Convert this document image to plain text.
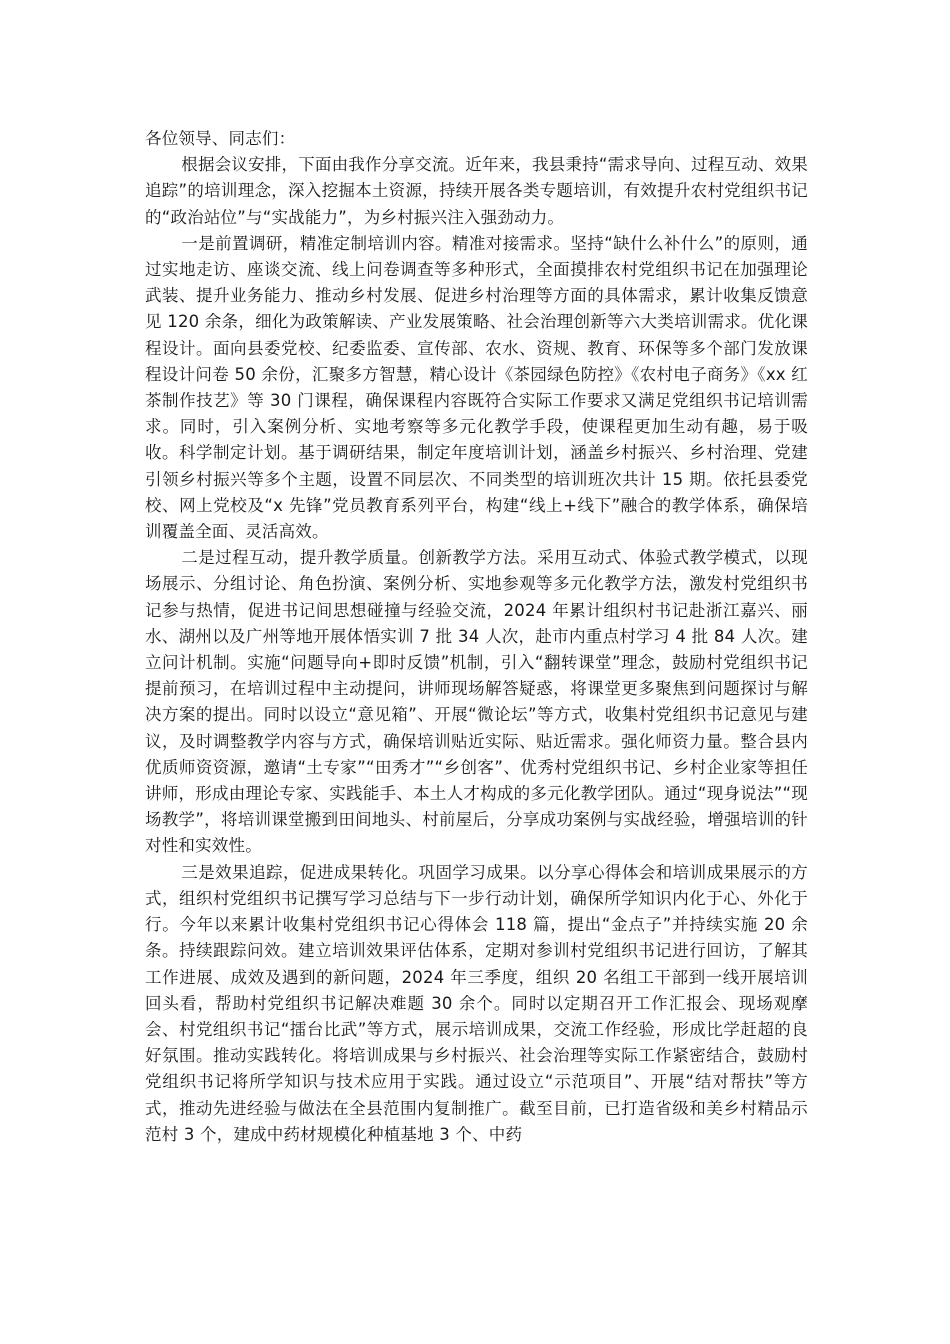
各位领导、同志们：

根据会议安排，下面由我作分享交流。近年来，我县秉持“需求导向、过程互动、效果追踪”的培训理念，深入挖掘本土资源，持续开展各类专题培训，有效提升农村党组织书记的“政治站位”与“实战能力”，为乡村振兴注入强劲动力。

一是前置调研，精准定制培训内容。精准对接需求。坚持“缺什么补什么”的原则，通过实地走访、座谈交流、线上问卷调查等多种形式，全面摸排农村党组织书记在加强理论武装、提升业务能力、推动乡村发展、促进乡村治理等方面的具体需求，累计收集反馈意见 120 余条，细化为政策解读、产业发展策略、社会治理创新等六大类培训需求。优化课程设计。面向县委党校、纪委监委、宣传部、农水、资规、教育、环保等多个部门发放课程设计问卷 50 余份，汇聚多方智慧，精心设计《茶园绿色防控》《农村电子商务》《xx 红茶制作技艺》等 30 门课程，确保课程内容既符合实际工作要求又满足党组织书记培训需求。同时，引入案例分析、实地考察等多元化教学手段，使课程更加生动有趣，易于吸收。科学制定计划。基于调研结果，制定年度培训计划，涵盖乡村振兴、乡村治理、党建引领乡村振兴等多个主题，设置不同层次、不同类型的培训班次共计 15 期。依托县委党校、网上党校及“x 先锋”党员教育系列平台，构建“线上+线下”融合的教学体系，确保培训覆盖全面、灵活高效。

二是过程互动，提升教学质量。创新教学方法。采用互动式、体验式教学模式，以现场展示、分组讨论、角色扮演、案例分析、实地参观等多元化教学方法，激发村党组织书记参与热情，促进书记间思想碰撞与经验交流，2024 年累计组织村书记赴浙江嘉兴、丽水、湖州以及广州等地开展体悟实训 7 批 34 人次，赴市内重点村学习 4 批 84 人次。建立问计机制。实施“问题导向+即时反馈”机制，引入“翻转课堂”理念，鼓励村党组织书记提前预习，在培训过程中主动提问，讲师现场解答疑惑，将课堂更多聚焦到问题探讨与解决方案的提出。同时以设立“意见箱”、开展“微论坛”等方式，收集村党组织书记意见与建议，及时调整教学内容与方式，确保培训贴近实际、贴近需求。强化师资力量。整合县内优质师资资源，邀请“土专家”“田秀才”“乡创客”、优秀村党组织书记、乡村企业家等担任讲师，形成由理论专家、实践能手、本土人才构成的多元化教学团队。通过“现身说法”“现场教学”，将培训课堂搬到田间地头、村前屋后，分享成功案例与实战经验，增强培训的针对性和实效性。

三是效果追踪，促进成果转化。巩固学习成果。以分享心得体会和培训成果展示的方式，组织村党组织书记撰写学习总结与下一步行动计划，确保所学知识内化于心、外化于行。今年以来累计收集村党组织书记心得体会 118 篇，提出“金点子”并持续实施 20 余条。持续跟踪问效。建立培训效果评估体系，定期对参训村党组织书记进行回访，了解其工作进展、成效及遇到的新问题，2024 年三季度，组织 20 名组工干部到一线开展培训回头看，帮助村党组织书记解决难题 30 余个。同时以定期召开工作汇报会、现场观摩会、村党组织书记“擂台比武”等方式，展示培训成果，交流工作经验，形成比学赶超的良好氛围。推动实践转化。将培训成果与乡村振兴、社会治理等实际工作紧密结合，鼓励村党组织书记将所学知识与技术应用于实践。通过设立“示范项目”、开展“结对帮扶”等方式，推动先进经验与做法在全县范围内复制推广。截至目前，已打造省级和美乡村精品示范村 3 个，建成中药材规模化种植基地 3 个、中药
